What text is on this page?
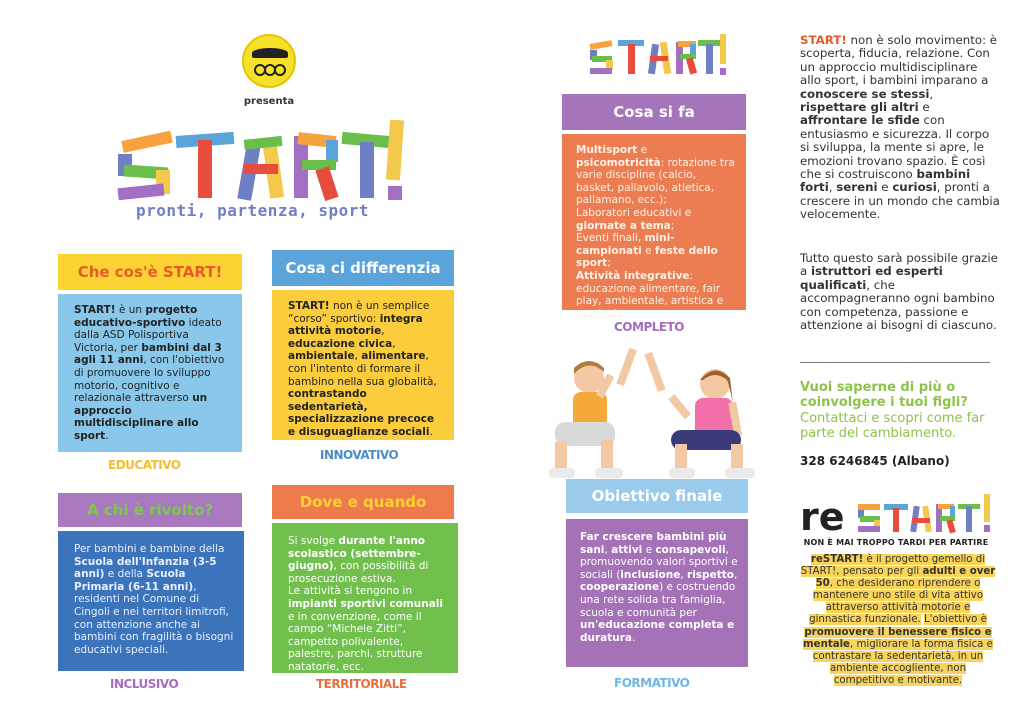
presenta
pronti, partenza, sport
Che cos'è START!
START! è un progetto educativo-sportivo ideato dalla ASD Polisportiva Victoria, per bambini dal 3 agli 11 anni, con l'obiettivo di promuovere lo sviluppo motorio, cognitivo e relazionale attraverso un approccio multidisciplinare allo sport.
EDUCATIVO
Cosa ci differenzia
START! non è un semplice “corso” sportivo: integra attività motorie, educazione civica, ambientale, alimentare, con l'intento di formare il bambino nella sua globalità, contrastando sedentarietà, specializzazione precoce e disuguaglianze sociali.
INNOVATIVO
A chi è rivolto?
Per bambini e bambine della Scuola dell'Infanzia (3-5 anni) e della Scuola Primaria (6-11 anni), residenti nel Comune di Cingoli e nei territori limitrofi, con attenzione anche ai bambini con fragilità o bisogni educativi speciali.
INCLUSIVO
Dove e quando
Si svolge durante l'anno scolastico (settembre-giugno), con possibilità di prosecuzione estiva.
Le attività si tengono in impianti sportivi comunali e in convenzione, come il campo “Michele Zitti”, campetto polivalente, palestre, parchi, strutture natatorie, ecc.
TERRITORIALE
Cosa si fa
Multisport e psicomotricità: rotazione tra varie discipline (calcio, basket, pallavolo, atletica, pallamano, ecc.);
Laboratori educativi e giornate a tema;
Eventi finali, mini-campionati e feste dello sport;
Attività integrative: educazione alimentare, fair play, ambientale, artistica e musicale.
COMPLETO
Obiettivo finale
Far crescere bambini più sani, attivi e consapevoli, promuovendo valori sportivi e sociali (inclusione, rispetto, cooperazione) e costruendo una rete solida tra famiglia, scuola e comunità per un'educazione completa e duratura.
FORMATIVO
START! non è solo movimento: è scoperta, fiducia, relazione. Con un approccio multidisciplinare allo sport, i bambini imparano a conoscere se stessi, rispettare gli altri e affrontare le sfide con entusiasmo e sicurezza. Il corpo si sviluppa, la mente si apre, le emozioni trovano spazio. È così che si costruiscono bambini forti, sereni e curiosi, pronti a crescere in un mondo che cambia velocemente.
Tutto questo sarà possibile grazie a istruttori ed esperti qualificati, che accompagneranno ogni bambino con competenza, passione e attenzione ai bisogni di ciascuno.
Vuoi saperne di più o coinvolgere i tuoi figli?
Contattaci e scopri come far parte del cambiamento.
328 6246845 (Albano)
re
NON È MAI TROPPO TARDI PER PARTIRE
reSTART! è il progetto gemello di START!, pensato per gli adulti e over 50, che desiderano riprendere o mantenere uno stile di vita attivo attraverso attività motorie e ginnastica funzionale. L'obiettivo è promuovere il benessere fisico e mentale, migliorare la forma fisica e contrastare la sedentarietà, in un ambiente accogliente, non competitivo e motivante.
